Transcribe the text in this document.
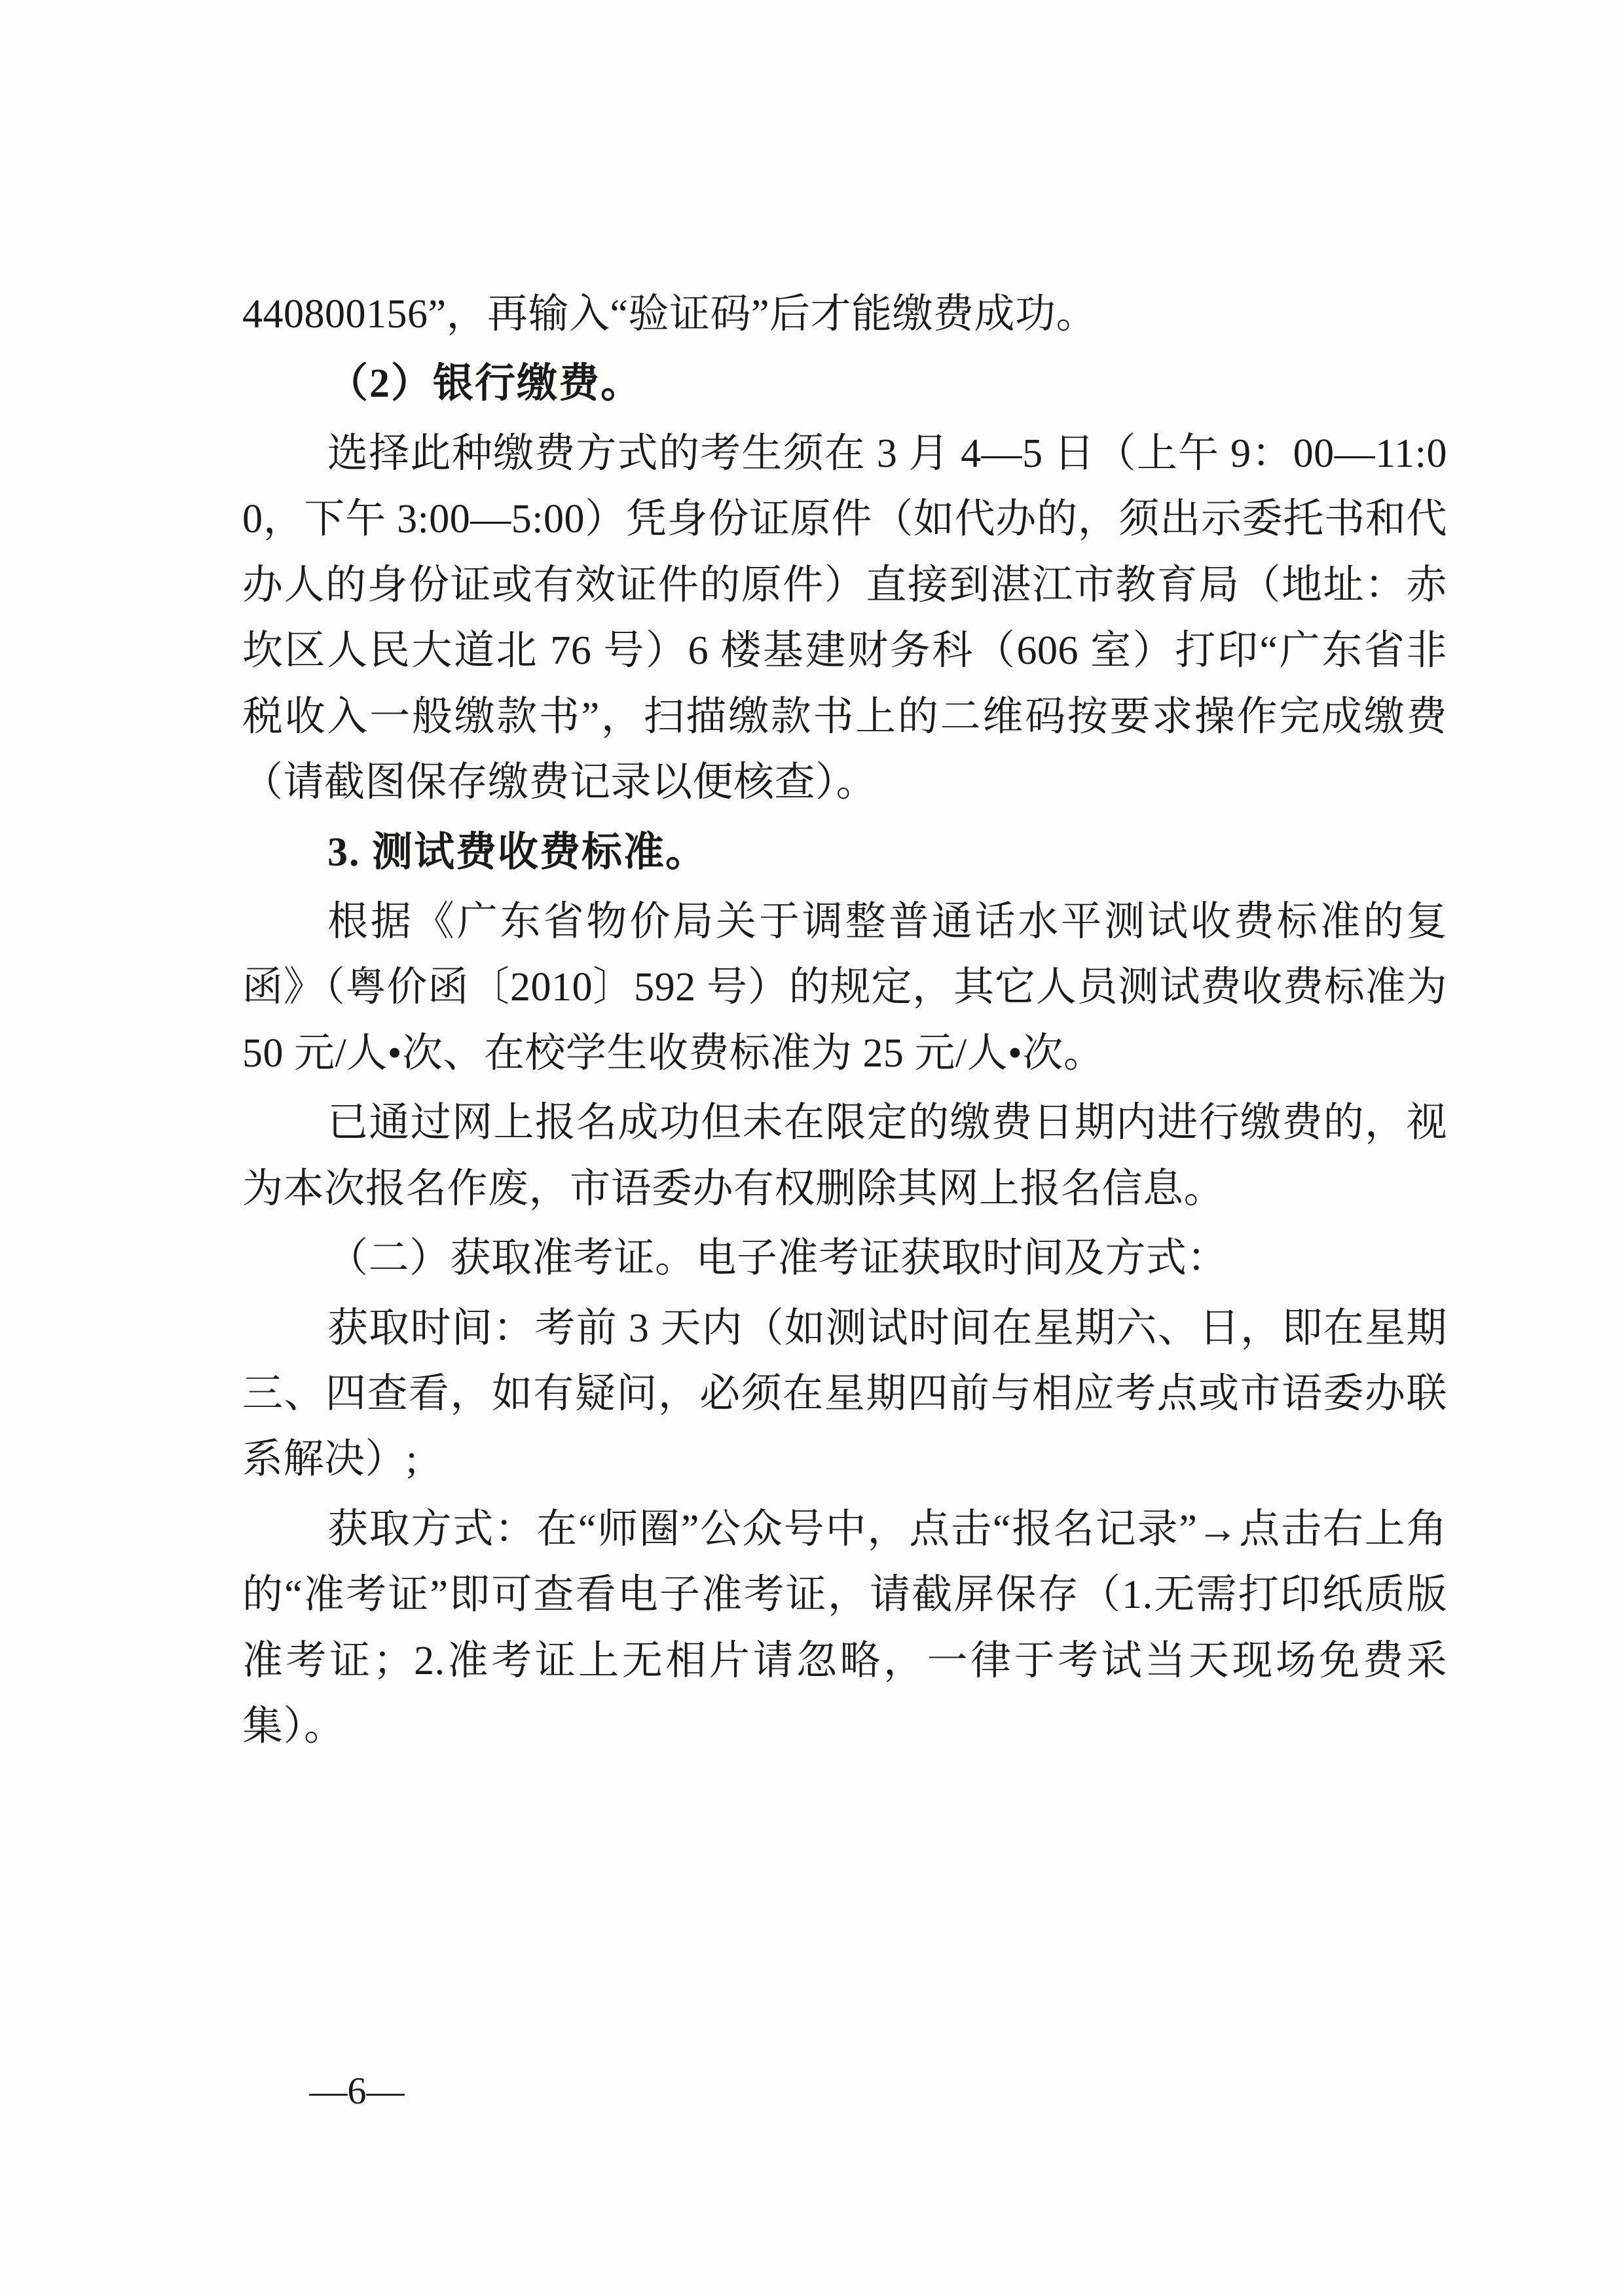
440800156”，再输入“验证码”后才能缴费成功。

（2）银行缴费。

选择此种缴费方式的考生须在 3 月 4—5 日（上午 9：00—11:00，下午 3:00—5:00）凭身份证原件（如代办的，须出示委托书和代办人的身份证或有效证件的原件）直接到湛江市教育局（地址：赤坎区人民大道北 76 号）6 楼基建财务科（606 室）打印“广东省非税收入一般缴款书”，扫描缴款书上的二维码按要求操作完成缴费（请截图保存缴费记录以便核查）。

3. 测试费收费标准。

根据《广东省物价局关于调整普通话水平测试收费标准的复函》（粤价函〔2010〕592 号）的规定，其它人员测试费收费标准为 50 元/人•次、在校学生收费标准为 25 元/人•次。

已通过网上报名成功但未在限定的缴费日期内进行缴费的，视为本次报名作废，市语委办有权删除其网上报名信息。

（二）获取准考证。电子准考证获取时间及方式：

获取时间：考前 3 天内（如测试时间在星期六、日，即在星期三、四查看，如有疑问，必须在星期四前与相应考点或市语委办联系解决）;

获取方式：在“师圈”公众号中，点击“报名记录”→点击右上角的“准考证”即可查看电子准考证，请截屏保存（1.无需打印纸质版准考证；2.准考证上无相片请忽略，一律于考试当天现场免费采集）。

—6—
